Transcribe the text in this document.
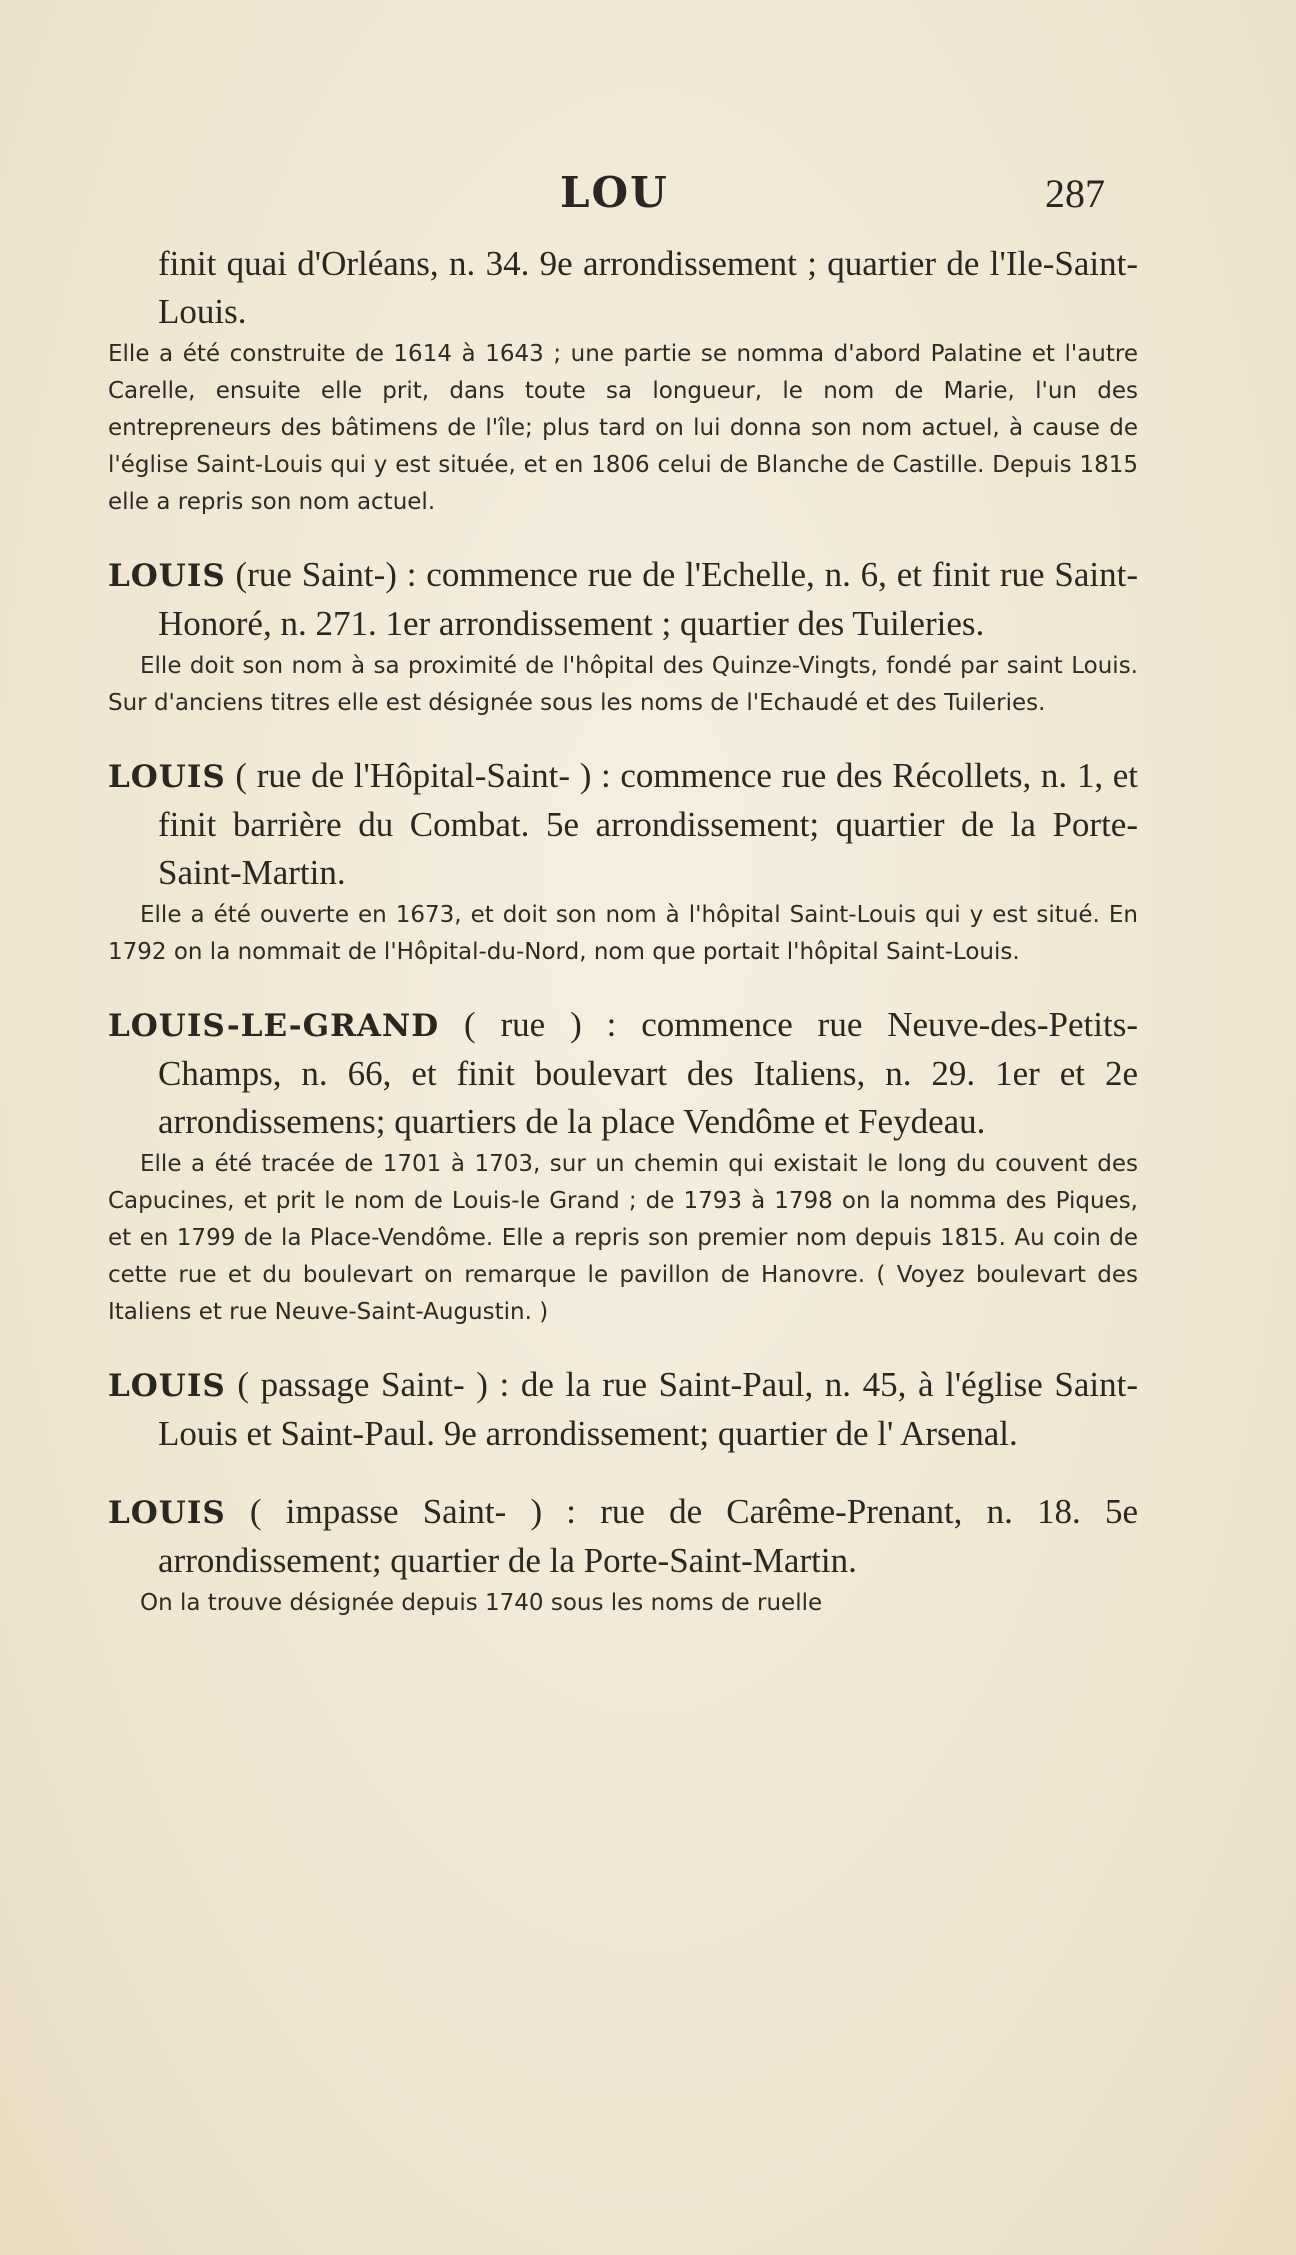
LOU	287

finit quai d'Orléans, n. 34. 9e arrondissement ; quartier de l'Ile-Saint-Louis.

Elle a été construite de 1614 à 1643 ; une partie se nomma d'abord Palatine et l'autre Carelle, ensuite elle prit, dans toute sa longueur, le nom de Marie, l'un des entrepreneurs des bâtimens de l'île; plus tard on lui donna son nom actuel, à cause de l'église Saint-Louis qui y est située, et en 1806 celui de Blanche de Castille. Depuis 1815 elle a repris son nom actuel.

LOUIS (rue Saint-) : commence rue de l'Echelle, n. 6, et finit rue Saint-Honoré, n. 271. 1er arrondissement ; quartier des Tuileries.

Elle doit son nom à sa proximité de l'hôpital des Quinze-Vingts, fondé par saint Louis. Sur d'anciens titres elle est désignée sous les noms de l'Echaudé et des Tuileries.

LOUIS ( rue de l'Hôpital-Saint- ) : commence rue des Récollets, n. 1, et finit barrière du Combat. 5e arrondissement; quartier de la Porte-Saint-Martin.

Elle a été ouverte en 1673, et doit son nom à l'hôpital Saint-Louis qui y est situé. En 1792 on la nommait de l'Hôpital-du-Nord, nom que portait l'hôpital Saint-Louis.

LOUIS-LE-GRAND ( rue ) : commence rue Neuve-des-Petits-Champs, n. 66, et finit boulevart des Italiens, n. 29. 1er et 2e arrondissemens; quartiers de la place Vendôme et Feydeau.

Elle a été tracée de 1701 à 1703, sur un chemin qui existait le long du couvent des Capucines, et prit le nom de Louis-le Grand ; de 1793 à 1798 on la nomma des Piques, et en 1799 de la Place-Vendôme. Elle a repris son premier nom depuis 1815. Au coin de cette rue et du boulevart on remarque le pavillon de Hanovre. ( Voyez boulevart des Italiens et rue Neuve-Saint-Augustin. )

LOUIS ( passage Saint- ) : de la rue Saint-Paul, n. 45, à l'église Saint-Louis et Saint-Paul. 9e arrondissement; quartier de l' Arsenal.

LOUIS ( impasse Saint- ) : rue de Carême-Prenant, n. 18. 5e arrondissement; quartier de la Porte-Saint-Martin.

On la trouve désignée depuis 1740 sous les noms de ruelle
